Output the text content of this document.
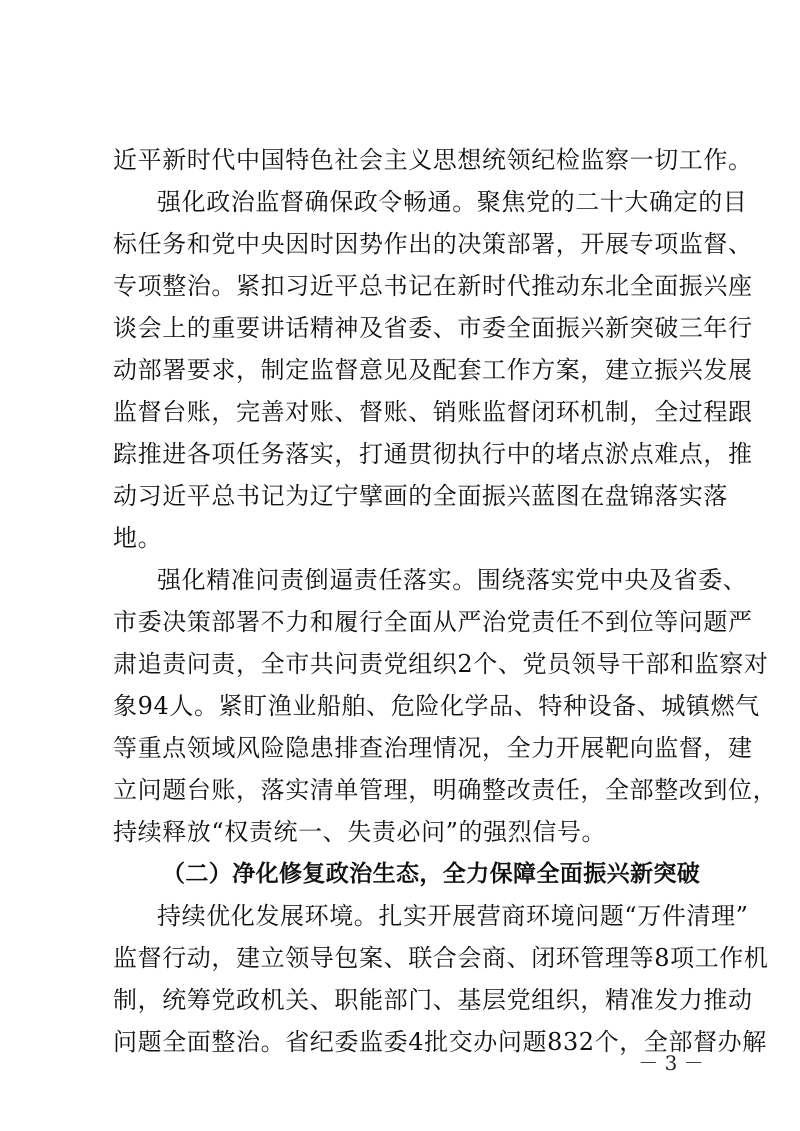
近平新时代中国特色社会主义思想统领纪检监察一切工作。
强化政治监督确保政令畅通。聚焦党的二十大确定的目
标任务和党中央因时因势作出的决策部署，开展专项监督、
专项整治。紧扣习近平总书记在新时代推动东北全面振兴座
谈会上的重要讲话精神及省委、市委全面振兴新突破三年行
动部署要求，制定监督意见及配套工作方案，建立振兴发展
监督台账，完善对账、督账、销账监督闭环机制，全过程跟
踪推进各项任务落实，打通贯彻执行中的堵点淤点难点，推
动习近平总书记为辽宁擘画的全面振兴蓝图在盘锦落实落
地。
强化精准问责倒逼责任落实。围绕落实党中央及省委、
市委决策部署不力和履行全面从严治党责任不到位等问题严
肃追责问责，全市共问责党组织2个、党员领导干部和监察对
象94人。紧盯渔业船舶、危险化学品、特种设备、城镇燃气
等重点领域风险隐患排查治理情况，全力开展靶向监督，建
立问题台账，落实清单管理，明确整改责任，全部整改到位，
持续释放“权责统一、失责必问”的强烈信号。
（二）净化修复政治生态，全力保障全面振兴新突破
持续优化发展环境。扎实开展营商环境问题“万件清理”
监督行动，建立领导包案、联合会商、闭环管理等8项工作机
制，统筹党政机关、职能部门、基层党组织，精准发力推动
问题全面整治。省纪委监委4批交办问题832个，全部督办解
－ 3 －
